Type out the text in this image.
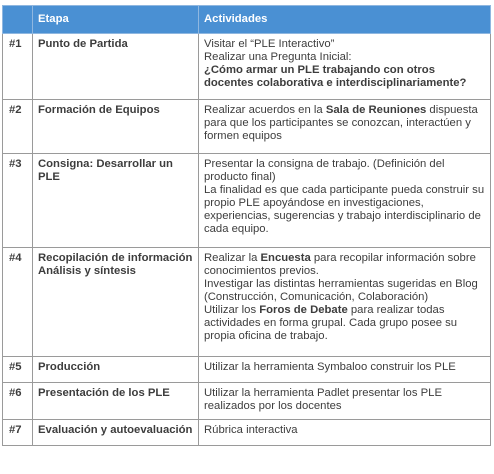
	Etapa	Actividades
#1	Punto de Partida	Visitar el “PLE Interactivo”
Realizar una Pregunta Inicial:
¿Cómo armar un PLE trabajando con otros docentes colaborativa e interdisciplinariamente?

#2	Formación de Equipos	Realizar acuerdos en la Sala de Reuniones dispuesta para que los participantes se conozcan, interactúen y formen equipos

#3	Consigna: Desarrollar un PLE	Presentar la consigna de trabajo. (Definición del producto final)
La finalidad es que cada participante pueda construir su propio PLE apoyándose en investigaciones, experiencias, sugerencias y trabajo interdisciplinario de cada equipo.

#4	Recopilación de información Análisis y síntesis	Realizar la Encuesta para recopilar información sobre conocimientos previos.
Investigar las distintas herramientas sugeridas en Blog (Construcción, Comunicación, Colaboración)
Utilizar los Foros de Debate para realizar todas actividades en forma grupal. Cada grupo posee su propia oficina de trabajo.

#5	Producción	Utilizar la herramienta Symbaloo construir los PLE

#6	Presentación de los PLE	Utilizar la herramienta Padlet presentar los PLE realizados por los docentes

#7	Evaluación y autoevaluación	Rúbrica interactiva
